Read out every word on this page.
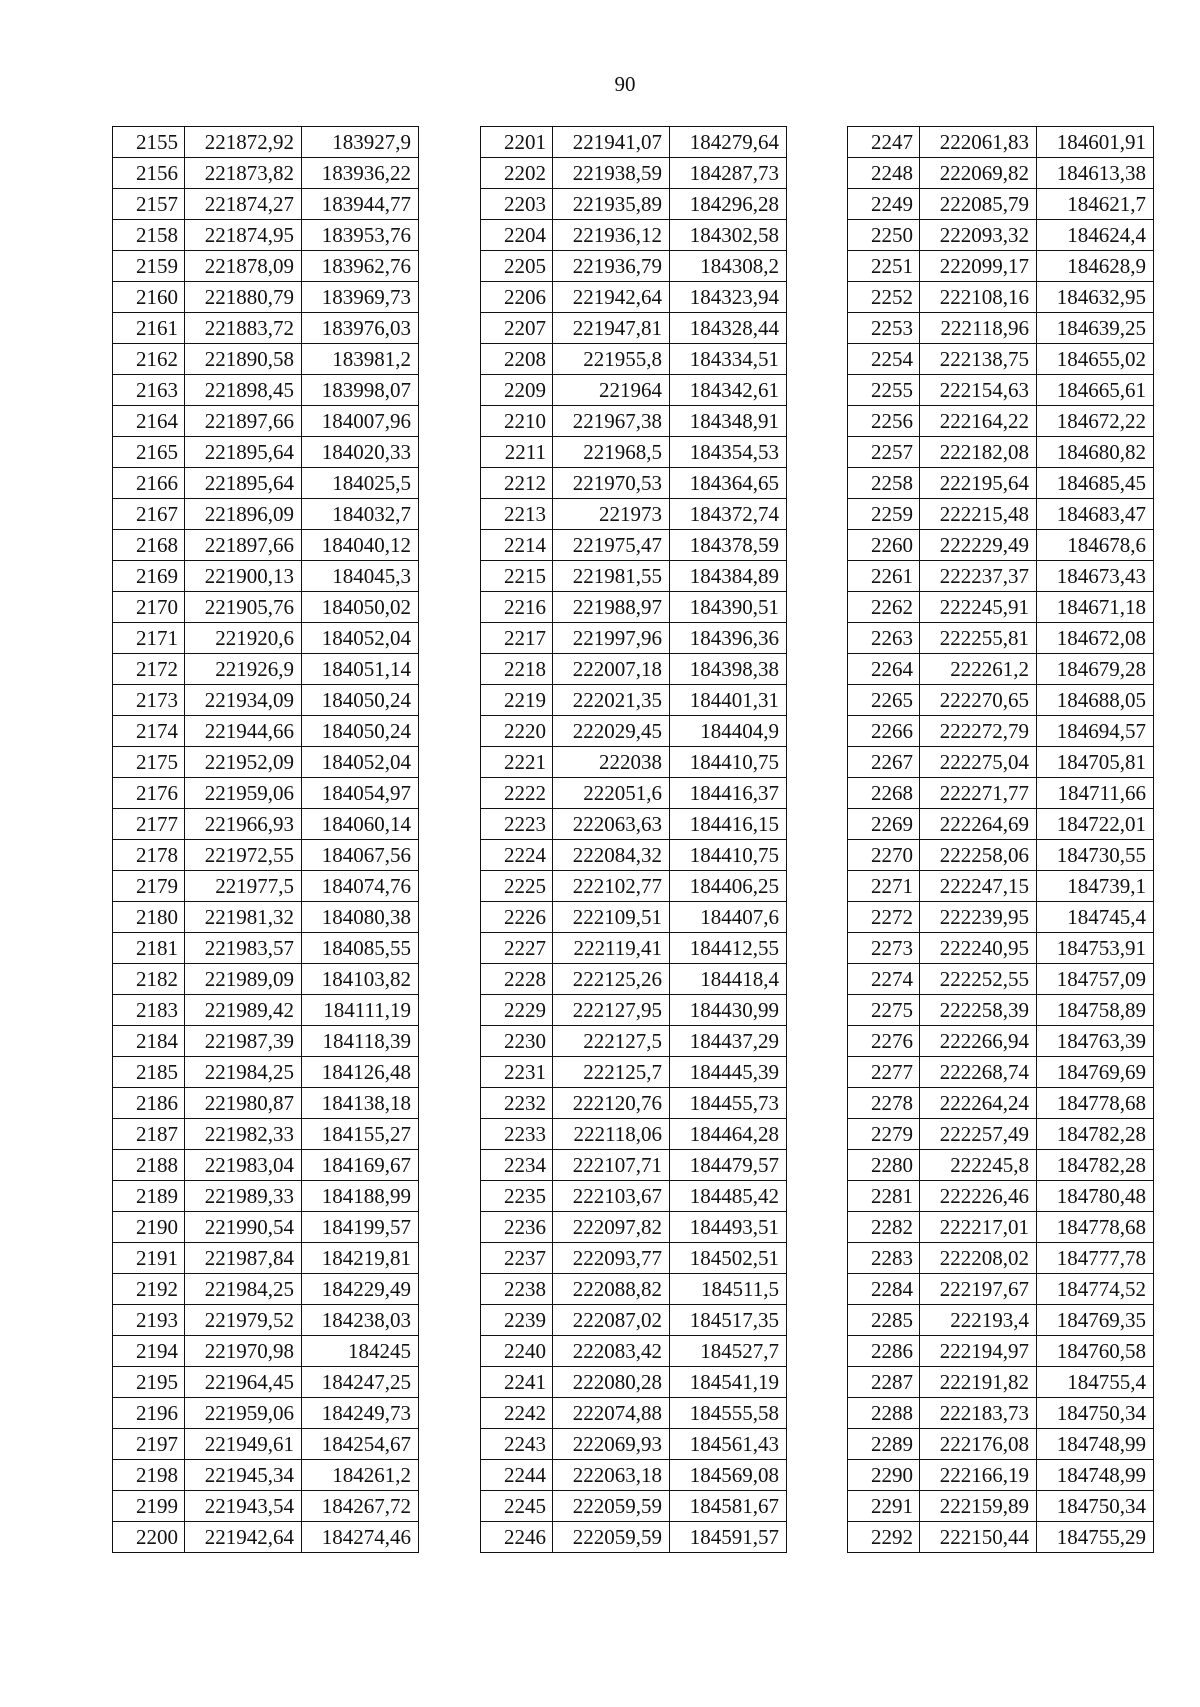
90
2155	221872,92	183927,9
2156	221873,82	183936,22
2157	221874,27	183944,77
2158	221874,95	183953,76
2159	221878,09	183962,76
2160	221880,79	183969,73
2161	221883,72	183976,03
2162	221890,58	183981,2
2163	221898,45	183998,07
2164	221897,66	184007,96
2165	221895,64	184020,33
2166	221895,64	184025,5
2167	221896,09	184032,7
2168	221897,66	184040,12
2169	221900,13	184045,3
2170	221905,76	184050,02
2171	221920,6	184052,04
2172	221926,9	184051,14
2173	221934,09	184050,24
2174	221944,66	184050,24
2175	221952,09	184052,04
2176	221959,06	184054,97
2177	221966,93	184060,14
2178	221972,55	184067,56
2179	221977,5	184074,76
2180	221981,32	184080,38
2181	221983,57	184085,55
2182	221989,09	184103,82
2183	221989,42	184111,19
2184	221987,39	184118,39
2185	221984,25	184126,48
2186	221980,87	184138,18
2187	221982,33	184155,27
2188	221983,04	184169,67
2189	221989,33	184188,99
2190	221990,54	184199,57
2191	221987,84	184219,81
2192	221984,25	184229,49
2193	221979,52	184238,03
2194	221970,98	184245
2195	221964,45	184247,25
2196	221959,06	184249,73
2197	221949,61	184254,67
2198	221945,34	184261,2
2199	221943,54	184267,72
2200	221942,64	184274,46
2201	221941,07	184279,64
2202	221938,59	184287,73
2203	221935,89	184296,28
2204	221936,12	184302,58
2205	221936,79	184308,2
2206	221942,64	184323,94
2207	221947,81	184328,44
2208	221955,8	184334,51
2209	221964	184342,61
2210	221967,38	184348,91
2211	221968,5	184354,53
2212	221970,53	184364,65
2213	221973	184372,74
2214	221975,47	184378,59
2215	221981,55	184384,89
2216	221988,97	184390,51
2217	221997,96	184396,36
2218	222007,18	184398,38
2219	222021,35	184401,31
2220	222029,45	184404,9
2221	222038	184410,75
2222	222051,6	184416,37
2223	222063,63	184416,15
2224	222084,32	184410,75
2225	222102,77	184406,25
2226	222109,51	184407,6
2227	222119,41	184412,55
2228	222125,26	184418,4
2229	222127,95	184430,99
2230	222127,5	184437,29
2231	222125,7	184445,39
2232	222120,76	184455,73
2233	222118,06	184464,28
2234	222107,71	184479,57
2235	222103,67	184485,42
2236	222097,82	184493,51
2237	222093,77	184502,51
2238	222088,82	184511,5
2239	222087,02	184517,35
2240	222083,42	184527,7
2241	222080,28	184541,19
2242	222074,88	184555,58
2243	222069,93	184561,43
2244	222063,18	184569,08
2245	222059,59	184581,67
2246	222059,59	184591,57
2247	222061,83	184601,91
2248	222069,82	184613,38
2249	222085,79	184621,7
2250	222093,32	184624,4
2251	222099,17	184628,9
2252	222108,16	184632,95
2253	222118,96	184639,25
2254	222138,75	184655,02
2255	222154,63	184665,61
2256	222164,22	184672,22
2257	222182,08	184680,82
2258	222195,64	184685,45
2259	222215,48	184683,47
2260	222229,49	184678,6
2261	222237,37	184673,43
2262	222245,91	184671,18
2263	222255,81	184672,08
2264	222261,2	184679,28
2265	222270,65	184688,05
2266	222272,79	184694,57
2267	222275,04	184705,81
2268	222271,77	184711,66
2269	222264,69	184722,01
2270	222258,06	184730,55
2271	222247,15	184739,1
2272	222239,95	184745,4
2273	222240,95	184753,91
2274	222252,55	184757,09
2275	222258,39	184758,89
2276	222266,94	184763,39
2277	222268,74	184769,69
2278	222264,24	184778,68
2279	222257,49	184782,28
2280	222245,8	184782,28
2281	222226,46	184780,48
2282	222217,01	184778,68
2283	222208,02	184777,78
2284	222197,67	184774,52
2285	222193,4	184769,35
2286	222194,97	184760,58
2287	222191,82	184755,4
2288	222183,73	184750,34
2289	222176,08	184748,99
2290	222166,19	184748,99
2291	222159,89	184750,34
2292	222150,44	184755,29
